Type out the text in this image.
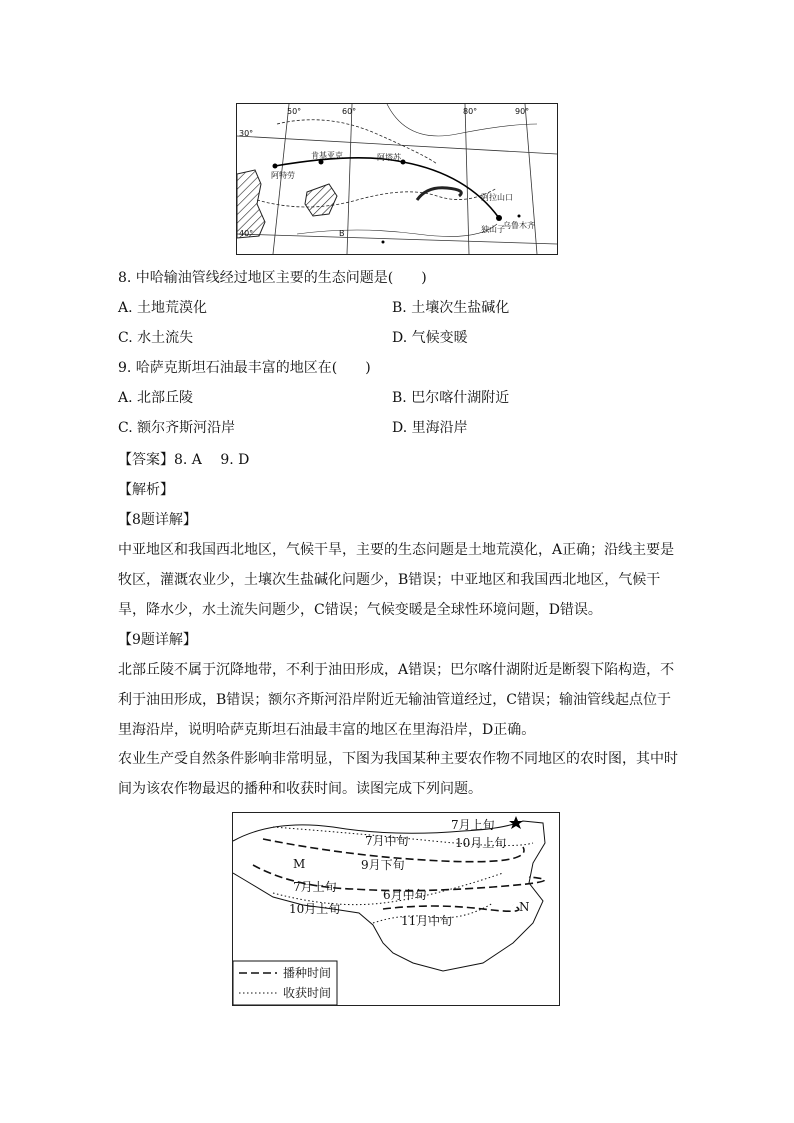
50°	60°	80°	90°
30°
40°
阿特劳
肯基亚克	阿塔苏
阿拉山口
乌鲁木齐
独山子
B
8. 中哈输油管线经过地区主要的生态问题是(　　)
A. 土地荒漠化	B. 土壤次生盐碱化
C. 水土流失	D. 气候变暖
9. 哈萨克斯坦石油最丰富的地区在(　　)
A. 北部丘陵	B. 巴尔喀什湖附近
C. 额尔齐斯河沿岸	D. 里海沿岸
【答案】8. A　 9. D
【解析】
【8题详解】
中亚地区和我国西北地区，气候干旱，主要的生态问题是土地荒漠化，A正确；沿线主要是牧区，灌溉农业少，土壤次生盐碱化问题少，B错误；中亚地区和我国西北地区，气候干旱，降水少，水土流失问题少，C错误；气候变暖是全球性环境问题，D错误。
【9题详解】
北部丘陵不属于沉降地带，不利于油田形成，A错误；巴尔喀什湖附近是断裂下陷构造，不利于油田形成，B错误；额尔齐斯河沿岸附近无输油管道经过，C错误；输油管线起点位于里海沿岸，说明哈萨克斯坦石油最丰富的地区在里海沿岸，D正确。
农业生产受自然条件影响非常明显，下图为我国某种主要农作物不同地区的农时图，其中时间为该农作物最迟的播种和收获时间。读图完成下列问题。
7月上旬
7月中旬	10月上旬
M	9月下旬
7月上旬
6月中旬
10月上旬	N
11月中旬
播种时间
收获时间
